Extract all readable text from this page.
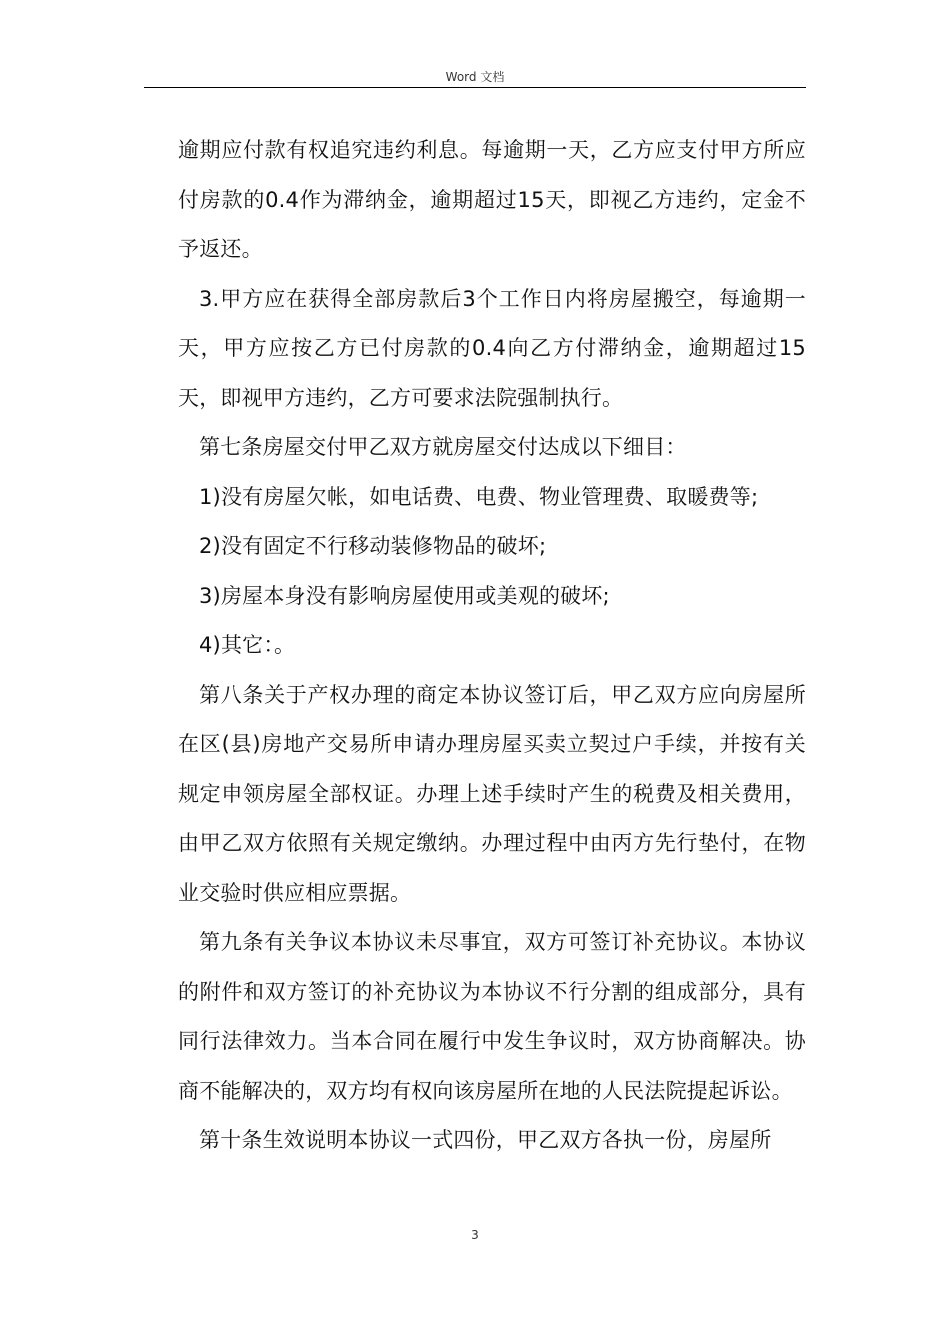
Word 文档

逾期应付款有权追究违约利息。每逾期一天，乙方应支付甲方所应付房款的0.4作为滞纳金，逾期超过15天，即视乙方违约，定金不予返还。

3.甲方应在获得全部房款后3个工作日内将房屋搬空，每逾期一天，甲方应按乙方已付房款的0.4向乙方付滞纳金，逾期超过15天，即视甲方违约，乙方可要求法院强制执行。

第七条房屋交付甲乙双方就房屋交付达成以下细目：

1)没有房屋欠帐，如电话费、电费、物业管理费、取暖费等;

2)没有固定不行移动装修物品的破坏;

3)房屋本身没有影响房屋使用或美观的破坏;

4)其它：。

第八条关于产权办理的商定本协议签订后，甲乙双方应向房屋所在区(县)房地产交易所申请办理房屋买卖立契过户手续，并按有关规定申领房屋全部权证。办理上述手续时产生的税费及相关费用，由甲乙双方依照有关规定缴纳。办理过程中由丙方先行垫付，在物业交验时供应相应票据。

第九条有关争议本协议未尽事宜，双方可签订补充协议。本协议的附件和双方签订的补充协议为本协议不行分割的组成部分，具有同行法律效力。当本合同在履行中发生争议时，双方协商解决。协商不能解决的，双方均有权向该房屋所在地的人民法院提起诉讼。

第十条生效说明本协议一式四份，甲乙双方各执一份，房屋所

3
